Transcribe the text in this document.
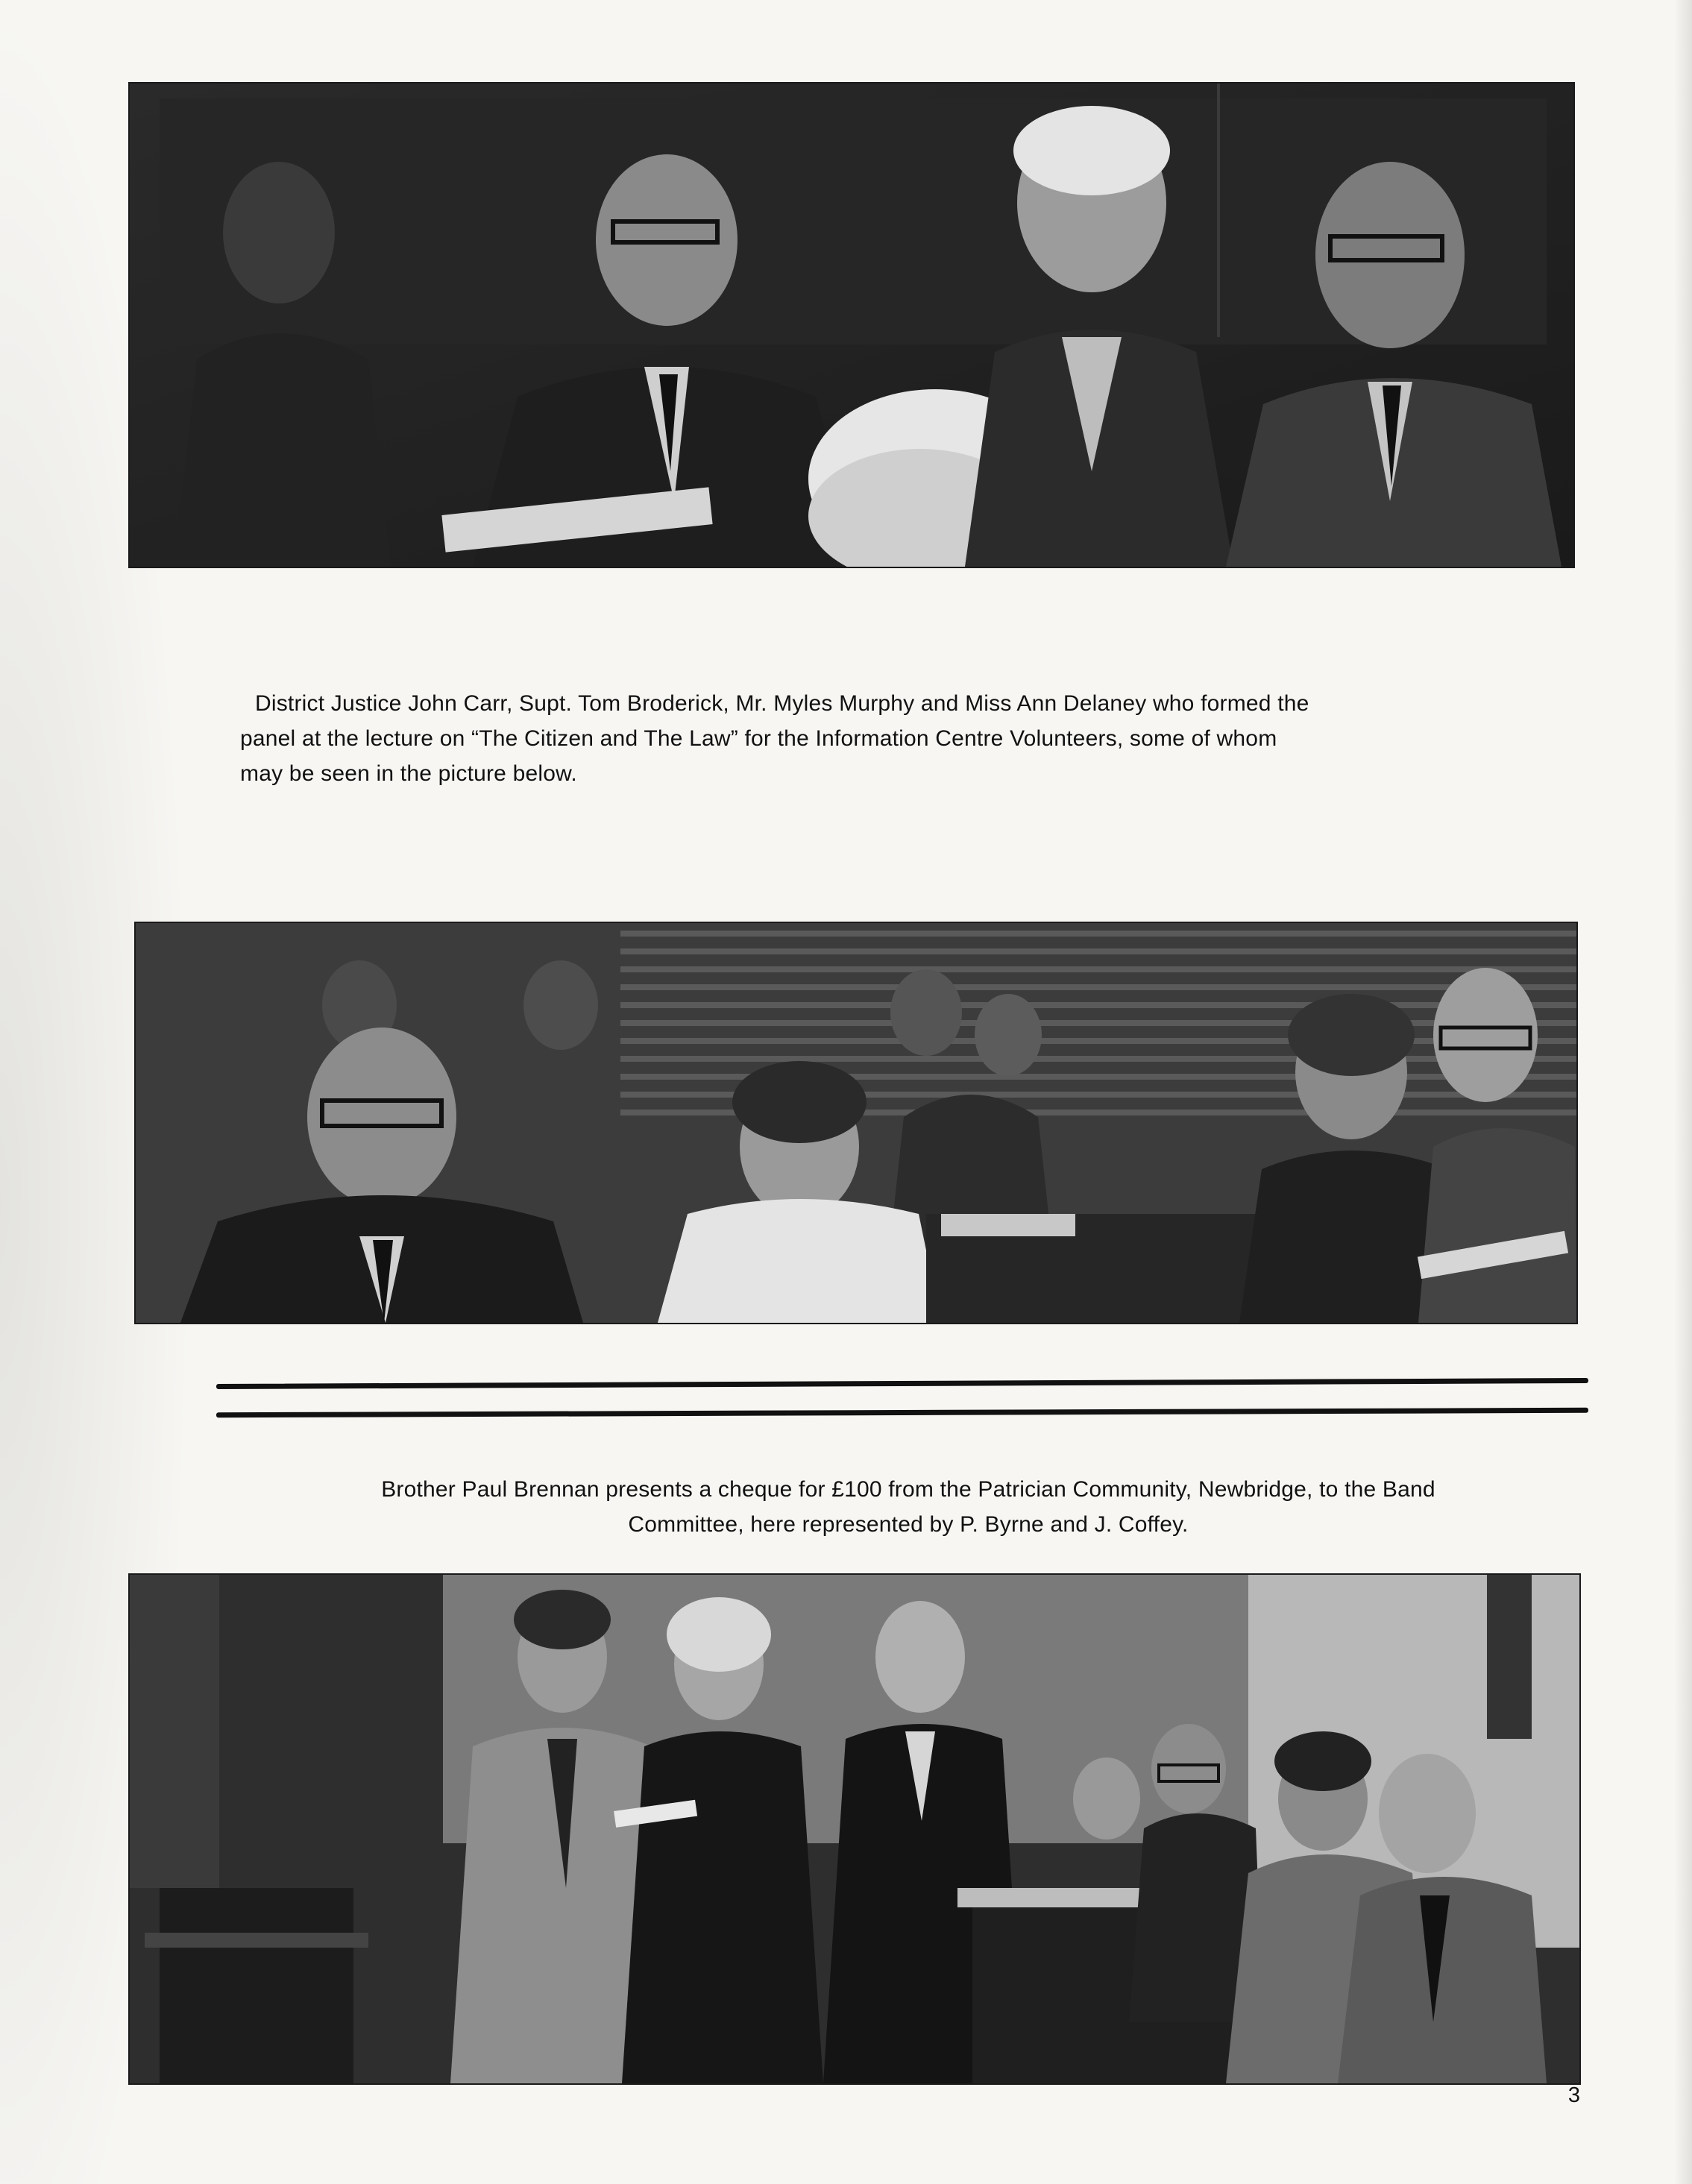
District Justice John Carr, Supt. Tom Broderick, Mr. Myles Murphy and Miss Ann Delaney who formed the

panel at the lecture on “The Citizen and The Law” for the Information Centre Volunteers, some of whom

may be seen in the picture below.

Brother Paul Brennan presents a cheque for £100 from the Patrician Community, Newbridge, to the Band

Committee, here represented by P. Byrne and J. Coffey.

3
